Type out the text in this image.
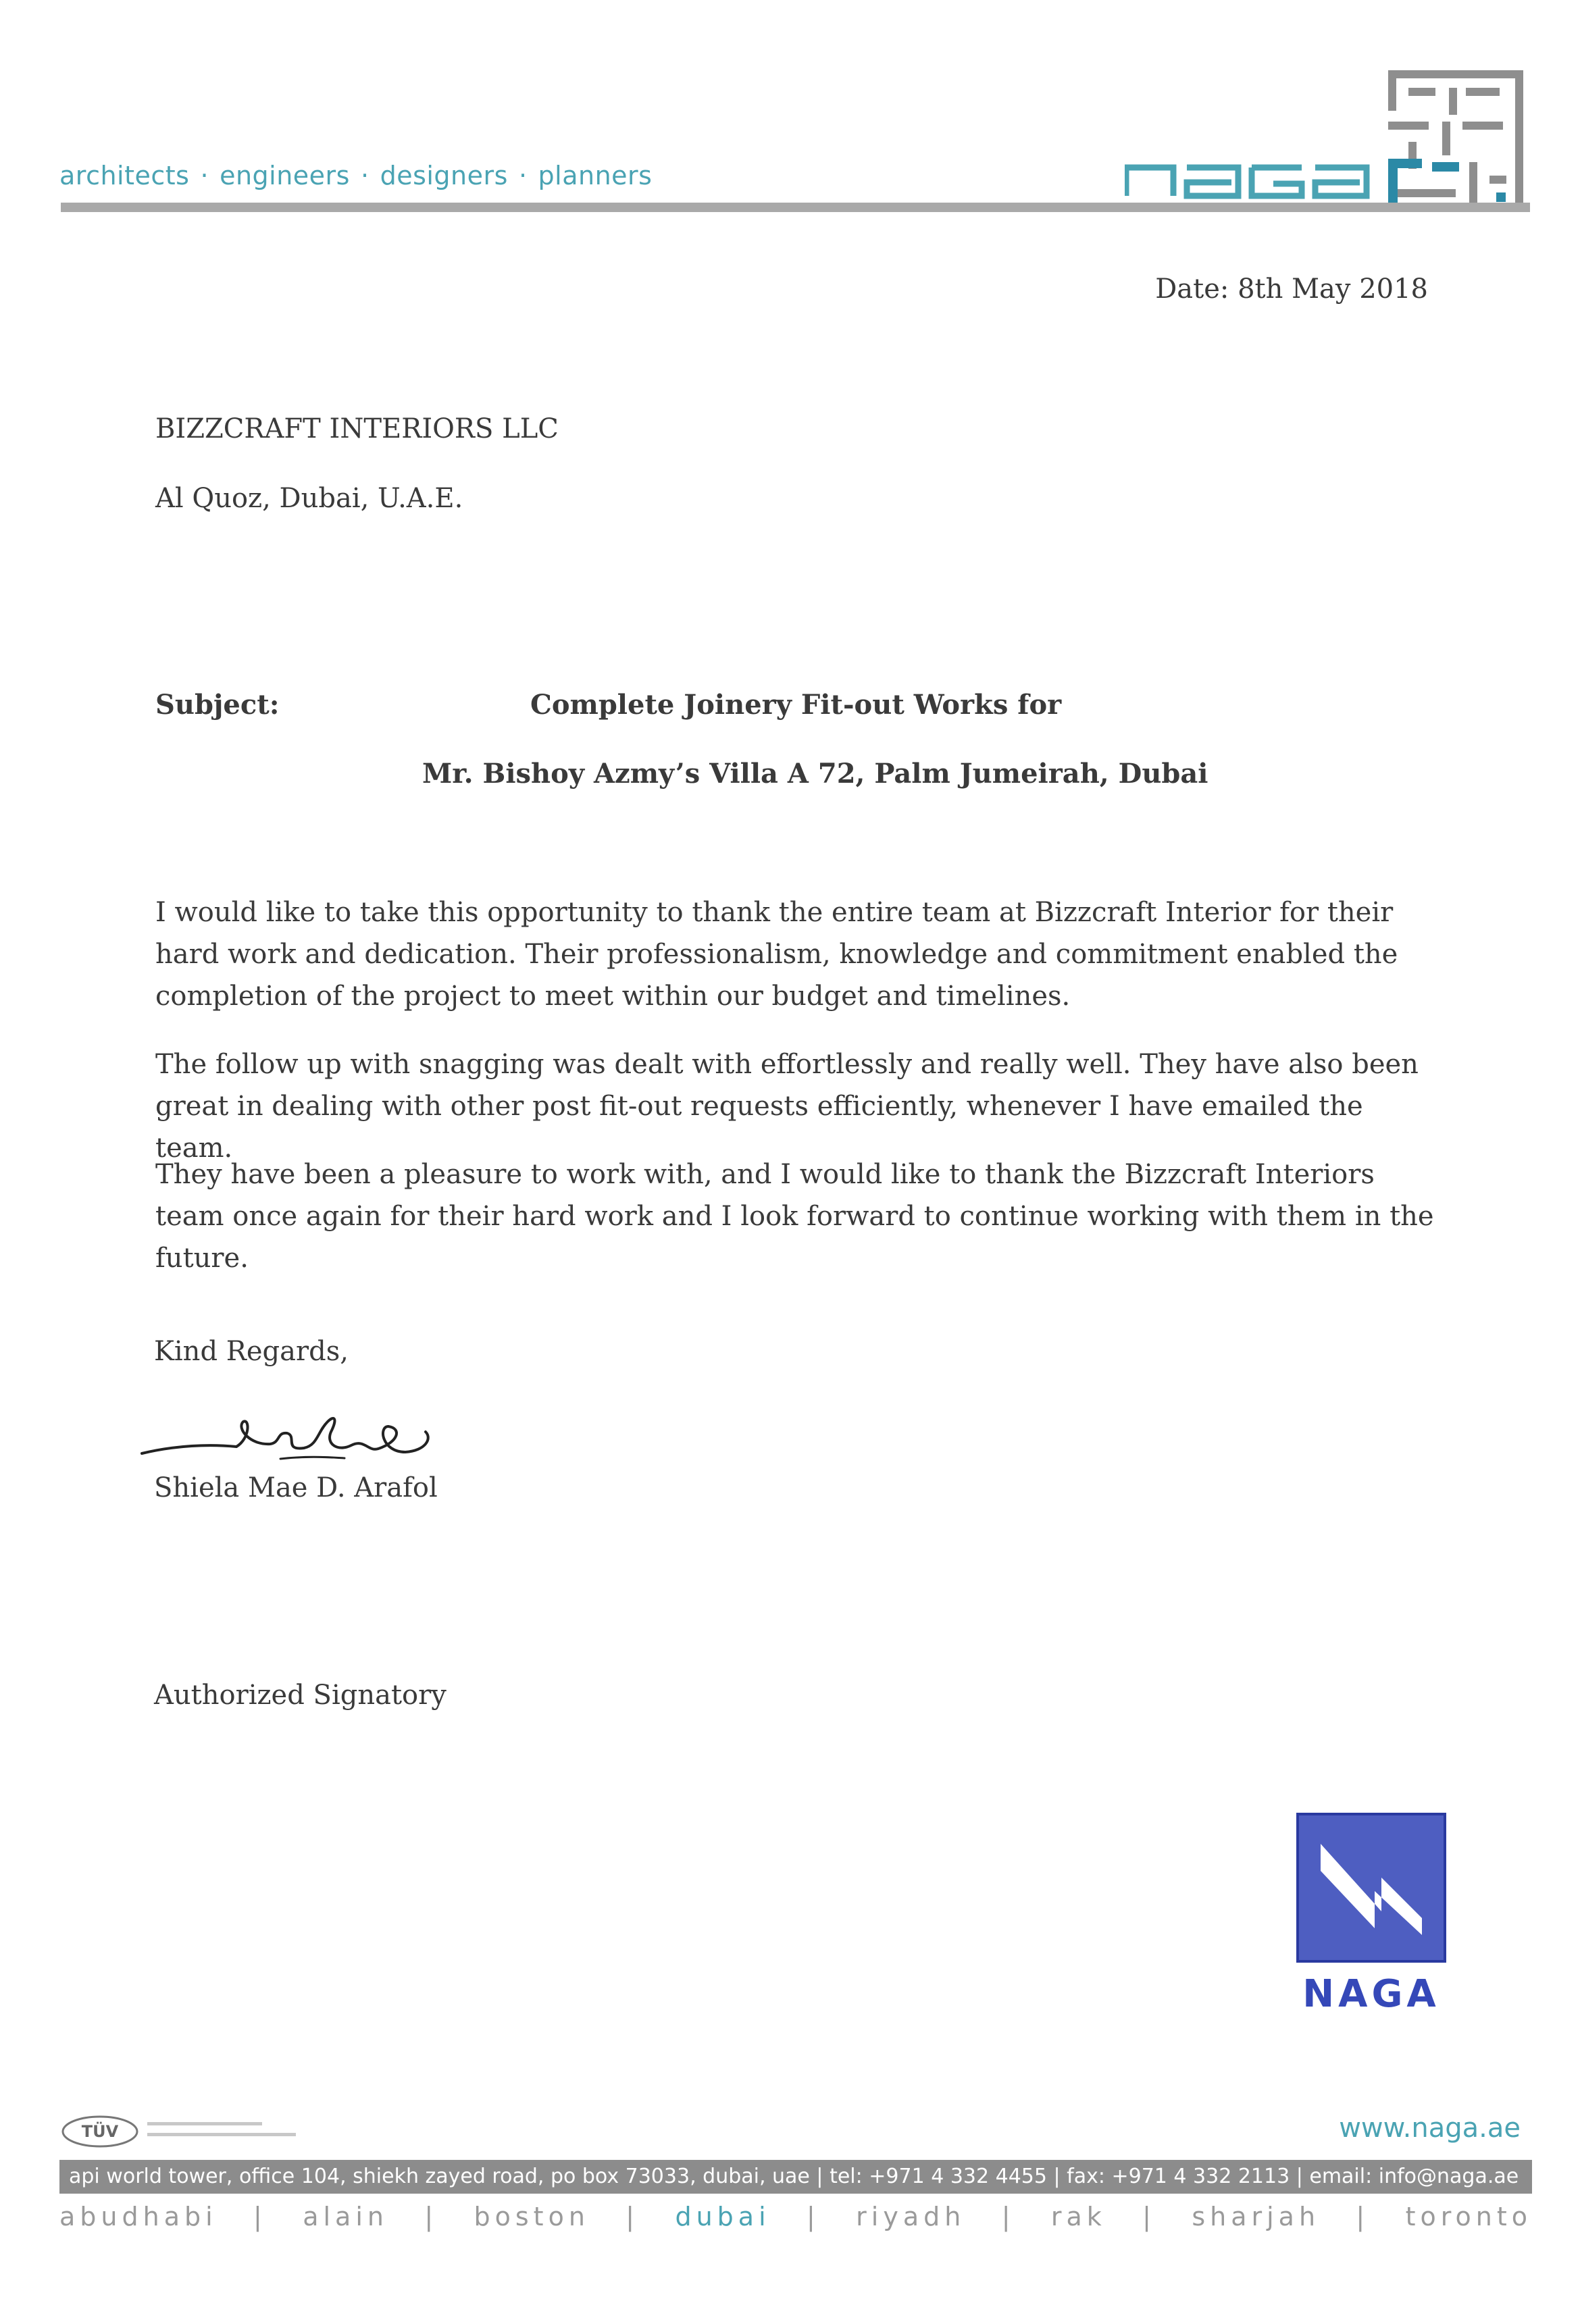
architects · engineers · designers · planners
Date: 8th May 2018
BIZZCRAFT INTERIORS LLC
Al Quoz, Dubai, U.A.E.
Subject:	Complete Joinery Fit-out Works for
Mr. Bishoy Azmy’s Villa A 72, Palm Jumeirah, Dubai
I would like to take this opportunity to thank the entire team at Bizzcraft Interior for their hard work and dedication. Their professionalism, knowledge and commitment enabled the completion of the project to meet within our budget and timelines.
The follow up with snagging was dealt with effortlessly and really well. They have also been great in dealing with other post fit-out requests efficiently, whenever I have emailed the team.
They have been a pleasure to work with, and I would like to thank the Bizzcraft Interiors team once again for their hard work and I look forward to continue working with them in the future.
Kind Regards,
Shiela Mae D. Arafol
Authorized Signatory
NAGA
TÜV	www.naga.ae
api world tower, office 104, shiekh zayed road, po box 73033, dubai, uae | tel: +971 4 332 4455 | fax: +971 4 332 2113 | email: info@naga.ae
abudhabi | alain | boston | dubai | riyadh | rak | sharjah | toronto
